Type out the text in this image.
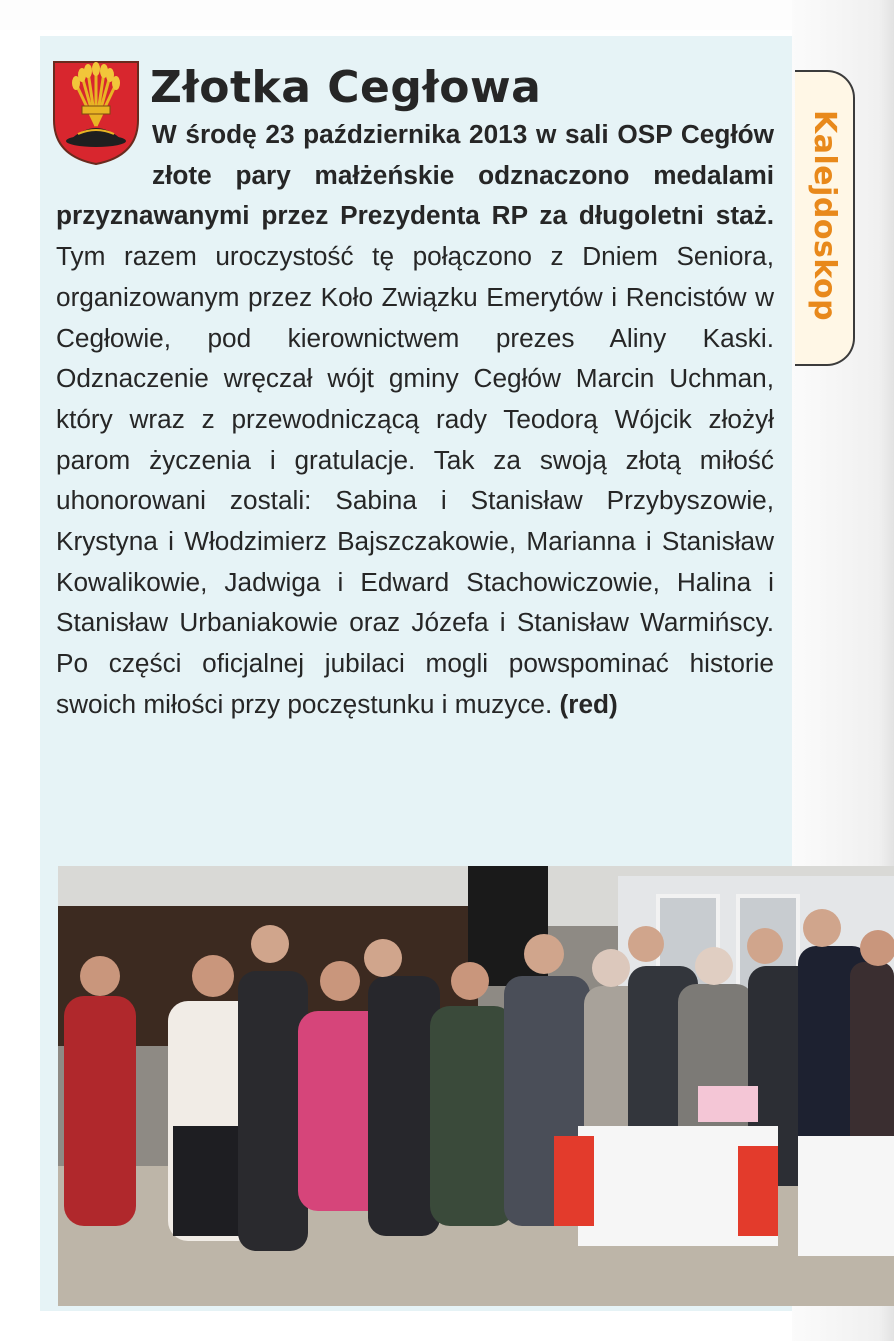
Złotka Cegłowa
W środę 23 października 2013 w sali OSP Cegłów złote pary małżeńskie odznaczono medalami przyznawanymi przez Prezydenta RP za długoletni staż. Tym razem uroczystość tę połączono z Dniem Seniora, organizowanym przez Koło Związku Emerytów i Rencistów w Cegłowie, pod kierownictwem prezes Aliny Kaski. Odznaczenie wręczał wójt gminy Cegłów Marcin Uchman, który wraz z przewodniczącą rady Teodorą Wójcik złożył parom życzenia i gratulacje. Tak za swoją złotą miłość uhonorowani zostali: Sabina i Stanisław Przybyszowie, Krystyna i Włodzimierz Bajszczakowie, Marianna i Stanisław Kowalikowie, Jadwiga i Edward Stachowiczowie, Halina i Stanisław Urbaniakowie oraz Józefa i Stanisław Warmińscy. Po części oficjalnej jubilaci mogli powspominać historie swoich miłości przy poczęstunku i muzyce. (red)
Kalejdoskop
